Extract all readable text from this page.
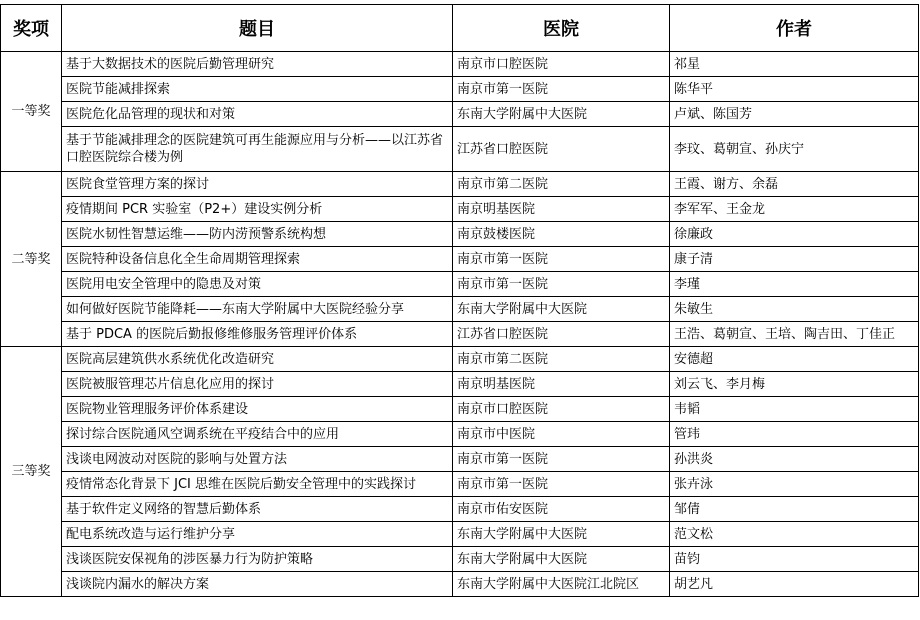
奖项	题目	医院	作者
一等奖	基于大数据技术的医院后勤管理研究	南京市口腔医院	祁星
	医院节能减排探索	南京市第一医院	陈华平
	医院危化品管理的现状和对策	东南大学附属中大医院	卢斌、陈国芳
	基于节能减排理念的医院建筑可再生能源应用与分析——以江苏省口腔医院综合楼为例	江苏省口腔医院	李玟、葛朝宣、孙庆宁
二等奖	医院食堂管理方案的探讨	南京市第二医院	王霞、谢方、余磊
	疫情期间 PCR 实验室（P2+）建设实例分析	南京明基医院	李军军、王金龙
	医院水韧性智慧运维——防内涝预警系统构想	南京鼓楼医院	徐廉政
	医院特种设备信息化全生命周期管理探索	南京市第一医院	康子清
	医院用电安全管理中的隐患及对策	南京市第一医院	李瑾
	如何做好医院节能降耗——东南大学附属中大医院经验分享	东南大学附属中大医院	朱敏生
	基于 PDCA 的医院后勤报修维修服务管理评价体系	江苏省口腔医院	王浩、葛朝宣、王培、陶吉田、丁佳正
三等奖	医院高层建筑供水系统优化改造研究	南京市第二医院	安德超
	医院被服管理芯片信息化应用的探讨	南京明基医院	刘云飞、李月梅
	医院物业管理服务评价体系建设	南京市口腔医院	韦韬
	探讨综合医院通风空调系统在平疫结合中的应用	南京市中医院	管玮
	浅谈电网波动对医院的影响与处置方法	南京市第一医院	孙洪炎
	疫情常态化背景下 JCI 思维在医院后勤安全管理中的实践探讨	南京市第一医院	张卉泳
	基于软件定义网络的智慧后勤体系	南京市佑安医院	邹倩
	配电系统改造与运行维护分享	东南大学附属中大医院	范文松
	浅谈医院安保视角的涉医暴力行为防护策略	东南大学附属中大医院	苗钧
	浅谈院内漏水的解决方案	东南大学附属中大医院江北院区	胡艺凡
